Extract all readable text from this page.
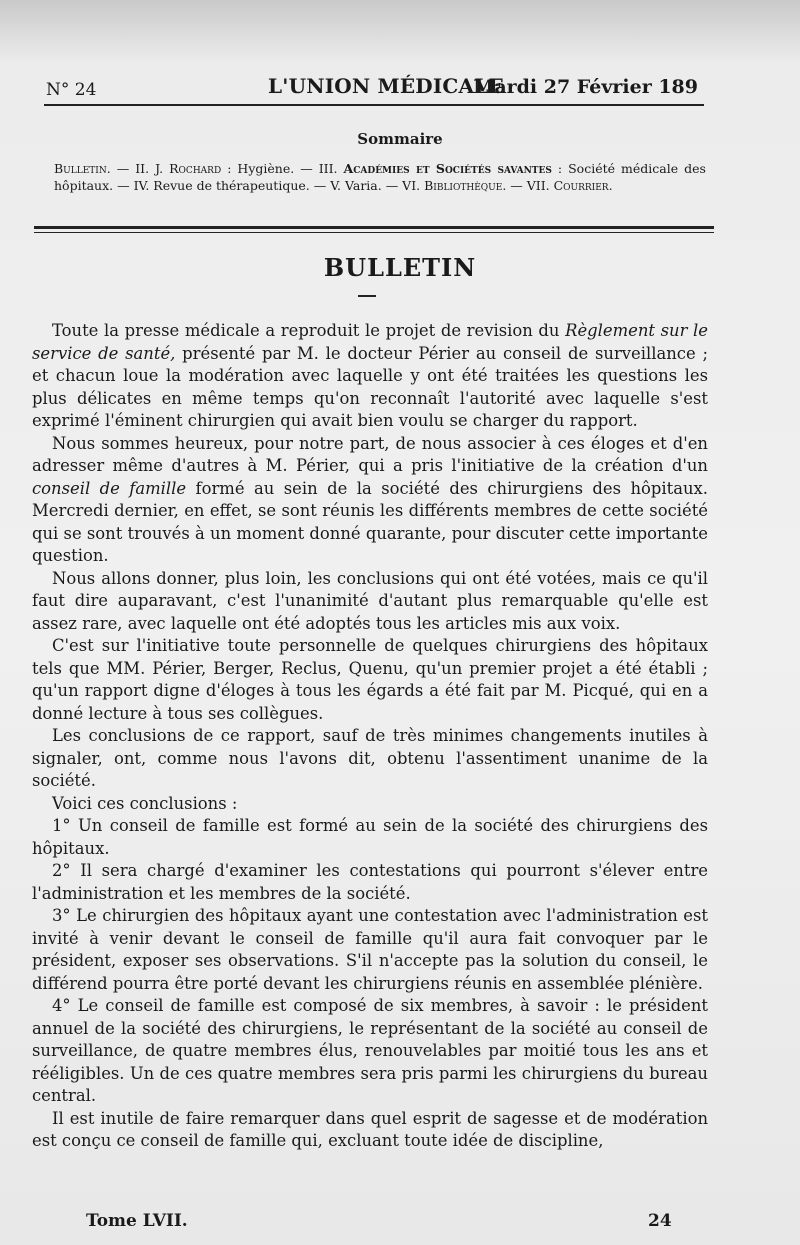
N° 24	L'UNION MÉDICALE
Mardi 27 Février 189
Sommaire
Bulletin. — II. J. Rochard : Hygiène. — III. Académies et Sociétés savantes : Société médicale des hôpitaux. — IV. Revue de thérapeutique. — V. Varia. — VI. Bibliothèque. — VII. Courrier.
BULLETIN

Toute la presse médicale a reproduit le projet de revision du Règlement sur le service de santé, présenté par M. le docteur Périer au conseil de surveillance ; et chacun loue la modération avec laquelle y ont été traitées les questions les plus délicates en même temps qu'on reconnaît l'autorité avec laquelle s'est exprimé l'éminent chirurgien qui avait bien voulu se charger du rapport.

Nous sommes heureux, pour notre part, de nous associer à ces éloges et d'en adresser même d'autres à M. Périer, qui a pris l'initiative de la création d'un conseil de famille formé au sein de la société des chirurgiens des hôpitaux. Mercredi dernier, en effet, se sont réunis les différents membres de cette société qui se sont trouvés à un moment donné quarante, pour discuter cette importante question.

Nous allons donner, plus loin, les conclusions qui ont été votées, mais ce qu'il faut dire auparavant, c'est l'unanimité d'autant plus remarquable qu'elle est assez rare, avec laquelle ont été adoptés tous les articles mis aux voix.

C'est sur l'initiative toute personnelle de quelques chirurgiens des hôpitaux tels que MM. Périer, Berger, Reclus, Quenu, qu'un premier projet a été établi ; qu'un rapport digne d'éloges à tous les égards a été fait par M. Picqué, qui en a donné lecture à tous ses collègues.

Les conclusions de ce rapport, sauf de très minimes changements inutiles à signaler, ont, comme nous l'avons dit, obtenu l'assentiment unanime de la société.

Voici ces conclusions :

1° Un conseil de famille est formé au sein de la société des chirurgiens des hôpitaux.

2° Il sera chargé d'examiner les contestations qui pourront s'élever entre l'administration et les membres de la société.

3° Le chirurgien des hôpitaux ayant une contestation avec l'administration est invité à venir devant le conseil de famille qu'il aura fait convoquer par le président, exposer ses observations. S'il n'accepte pas la solution du conseil, le différend pourra être porté devant les chirurgiens réunis en assemblée plénière.

4° Le conseil de famille est composé de six membres, à savoir : le président annuel de la société des chirurgiens, le représentant de la société au conseil de surveillance, de quatre membres élus, renouvelables par moitié tous les ans et rééligibles. Un de ces quatre membres sera pris parmi les chirurgiens du bureau central.

Il est inutile de faire remarquer dans quel esprit de sagesse et de modération est conçu ce conseil de famille qui, excluant toute idée de discipline,

Tome LVII.	24
